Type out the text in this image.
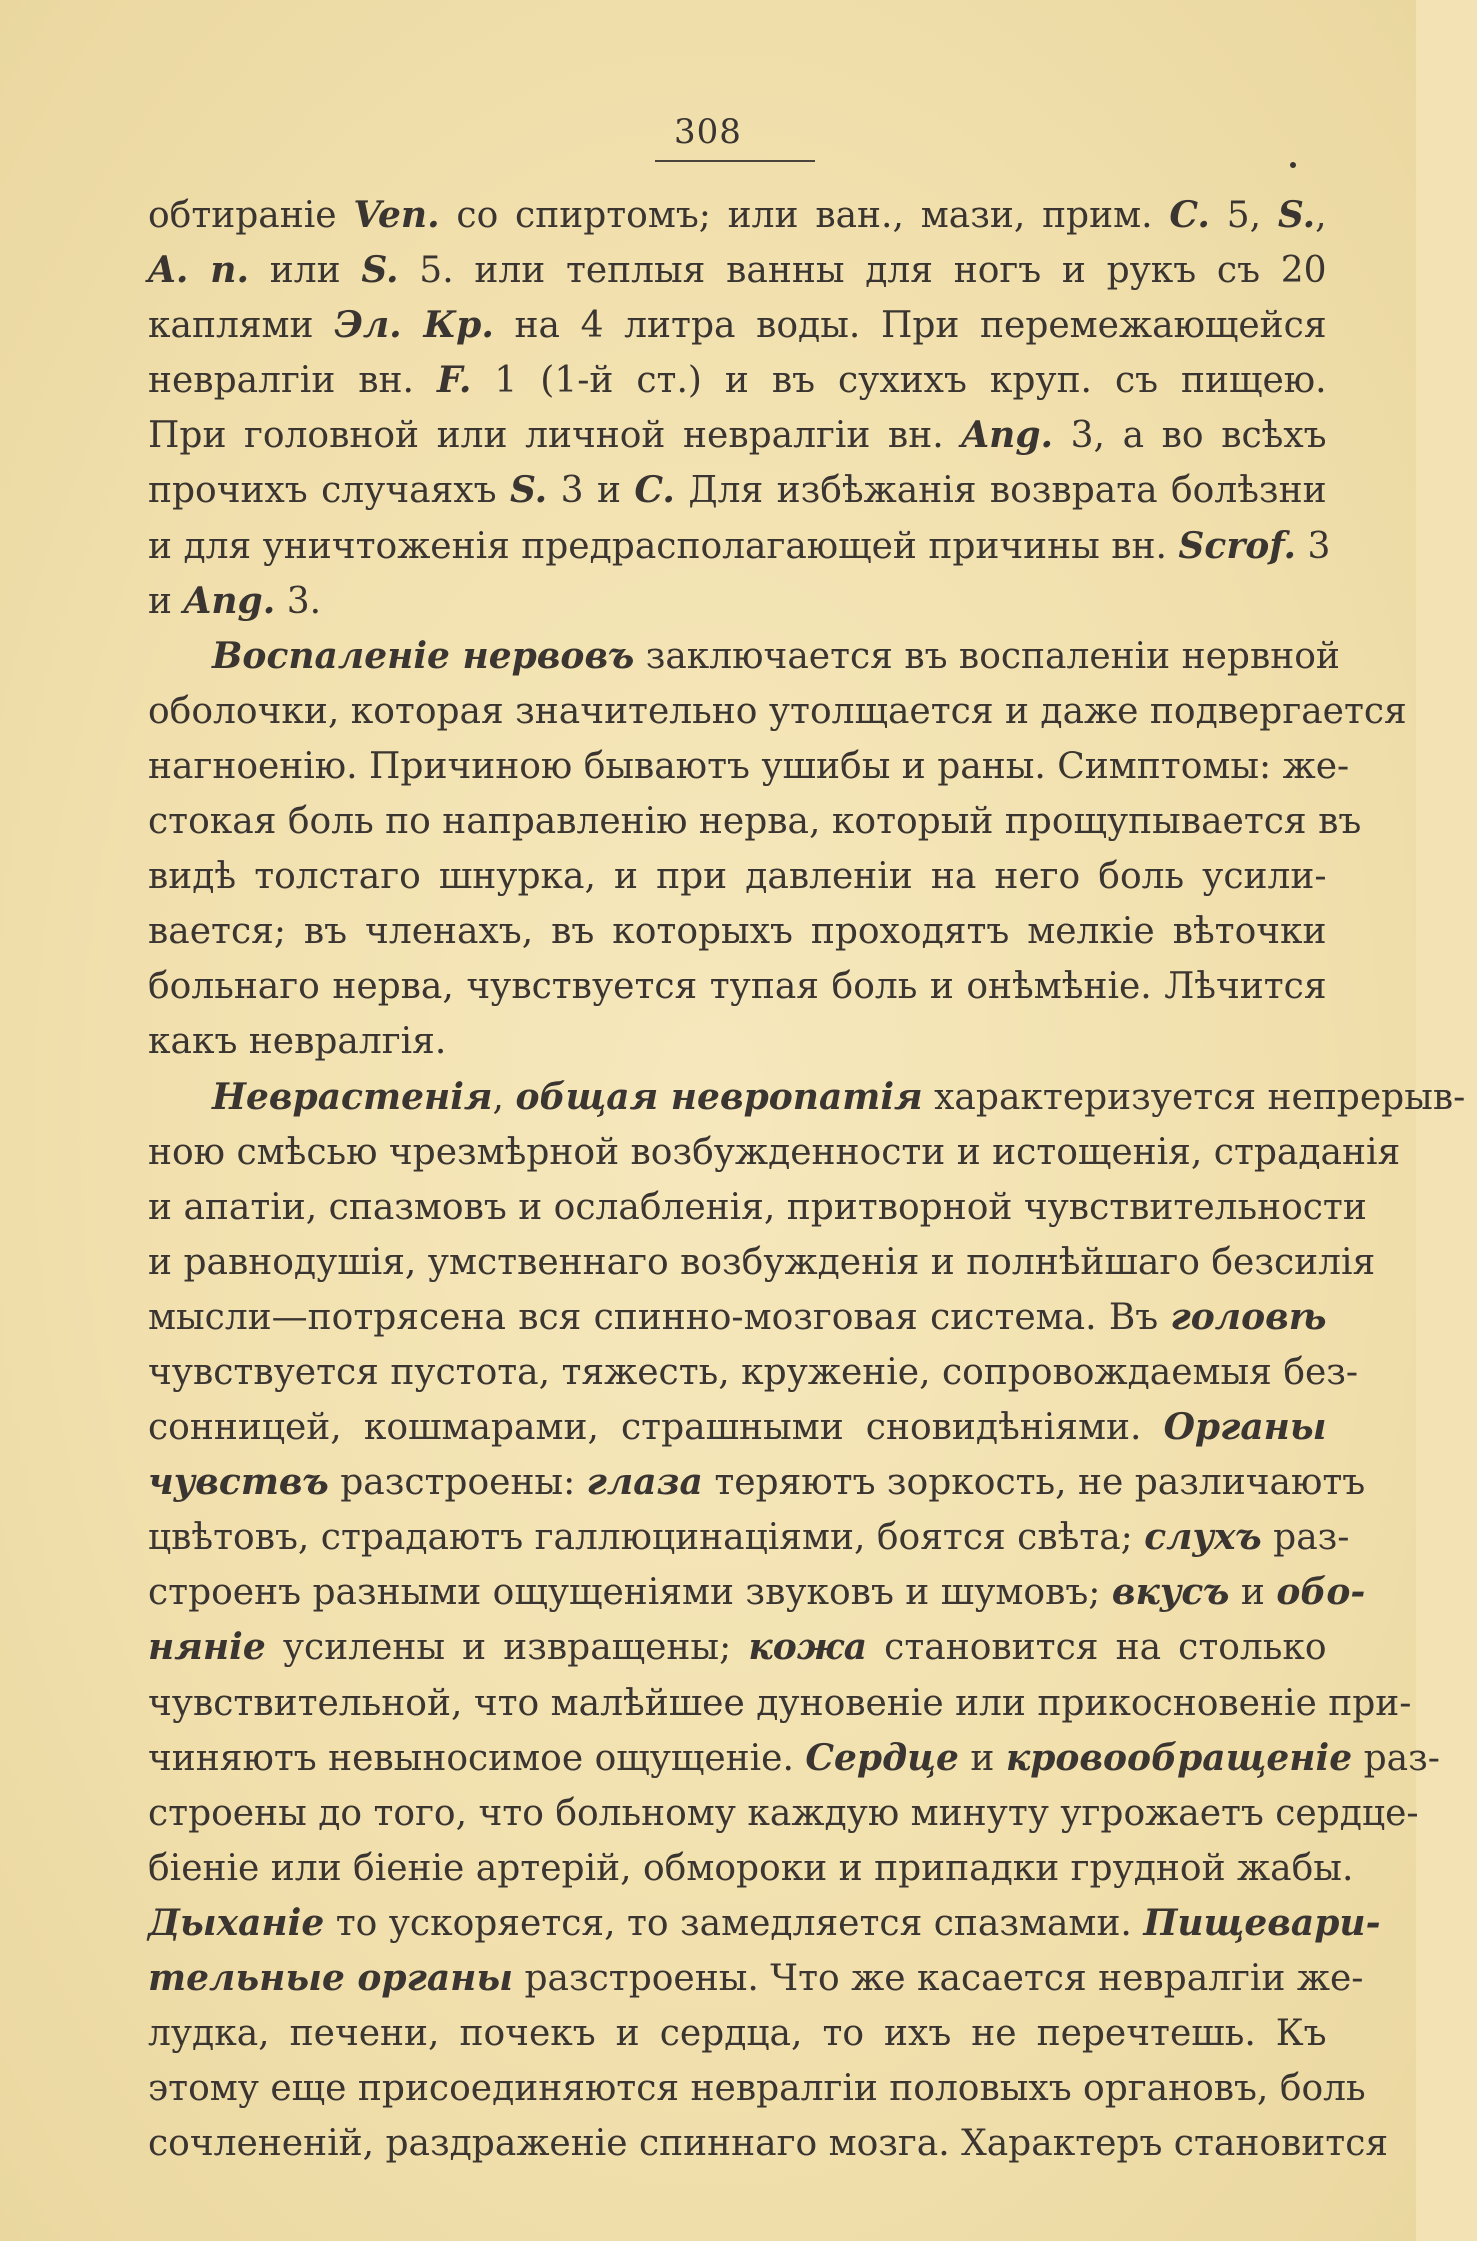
308
обтираніе Ven. со спиртомъ; или ван., мази, прим. C. 5, S.,
A. n. или S. 5. или теплыя ванны для ногъ и рукъ съ 20
каплями Эл. Кр. на 4 литра воды. При перемежающейся
невралгіи вн. F. 1 (1-й ст.) и въ сухихъ круп. съ пищею.
При головной или личной невралгіи вн. Ang. 3, а во всѣхъ
прочихъ случаяхъ S. 3 и C. Для избѣжанія возврата болѣзни
и для уничтоженія предрасполагающей причины вн. Scrof. 3
и Ang. 3.
Воспаленіе нервовъ заключается въ воспаленіи нервной
оболочки, которая значительно утолщается и даже подвергается
нагноенію. Причиною бываютъ ушибы и раны. Симптомы: же-
стокая боль по направленію нерва, который прощупывается въ
видѣ толстаго шнурка, и при давленіи на него боль усили-
вается; въ членахъ, въ которыхъ проходятъ мелкіе вѣточки
больнаго нерва, чувствуется тупая боль и онѣмѣніе. Лѣчится
какъ невралгія.
Неврастенія, общая невропатія характеризуется непрерыв-
ною смѣсью чрезмѣрной возбужденности и истощенія, страданія
и апатіи, спазмовъ и ослабленія, притворной чувствительности
и равнодушія, умственнаго возбужденія и полнѣйшаго безсилія
мысли—потрясена вся спинно-мозговая система. Въ головѣ
чувствуется пустота, тяжесть, круженіе, сопровождаемыя без-
сонницей, кошмарами, страшными сновидѣніями. Органы
чувствъ разстроены: глаза теряютъ зоркость, не различаютъ
цвѣтовъ, страдаютъ галлюцинаціями, боятся свѣта; слухъ раз-
строенъ разными ощущеніями звуковъ и шумовъ; вкусъ и обо-
няніе усилены и извращены; кожа становится на столько
чувствительной, что малѣйшее дуновеніе или прикосновеніе при-
чиняютъ невыносимое ощущеніе. Сердце и кровообращеніе раз-
строены до того, что больному каждую минуту угрожаетъ сердце-
біеніе или біеніе артерій, обмороки и припадки грудной жабы.
Дыханіе то ускоряется, то замедляется спазмами. Пищевари-
тельные органы разстроены. Что же касается невралгіи же-
лудка, печени, почекъ и сердца, то ихъ не перечтешь. Къ
этому еще присоединяются невралгіи половыхъ органовъ, боль
сочлененій, раздраженіе спиннаго мозга. Характеръ становится
